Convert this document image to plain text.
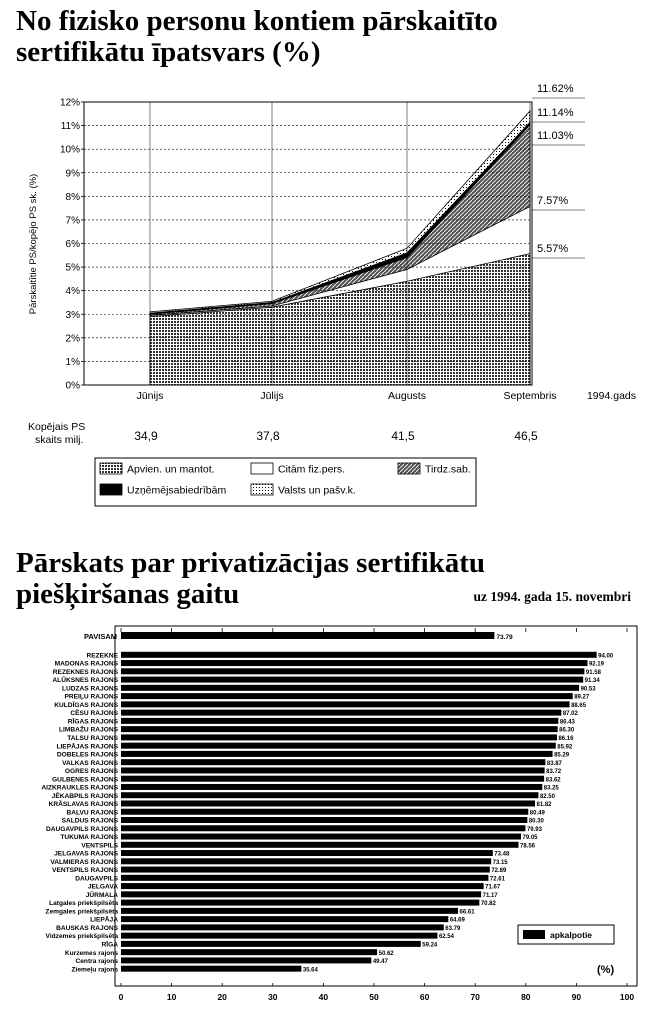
No fizisko personu kontiem pārskaitīto sertifikātu īpatsvars (%)
Pārskats par privatizācijas sertifikātu piešķiršanas gaitu	uz 1994. gada 15. novembri
0%
1%
2%
3%
4%
5%
6%
7%
8%
9%
10%
11%
12%
Jūnijs	Jūlijs	Augusts	Septembris	1994.gads
Pārskaitītie PS/kopējo PS sk. (%)
11.62%
11.14%
11.03%
7.57%
5.57%
Kopējais PS
skaits milj.	34,9	37,8	41,5	46,5
Apvien. un mantot.	Citām fiz.pers.	Tirdz.sab.
Uzņēmējsabiedrībām	Valsts un pašv.k.
0	10	20	30	40	50	60	70	80	90	100
PAVISAM	73.79
REZEKNE	94.00
MADONAS RAJONS	92.19
REZEKNES RAJONS	91.58
ALŪKSNES RAJONS	91.34
LUDZAS RAJONS	90.53
PREIĻU RAJONS	89.27
KULDĪGAS RAJONS	88.65
CĒSU RAJONS	87.02
RĪGAS RAJONS	86.43
LIMBAŽU RAJONS	86.30
TALSU RAJONS	86.16
LIEPĀJAS RAJONS	85.92
DOBELES RAJONS	85.29
VALKAS RAJONS	83.87
OGRES RAJONS	83.72
GULBENES RAJONS	83.62
AIZKRAUKLES RAJONS	83.25
JĒKABPILS RAJONS	82.50
KRĀSLAVAS RAJONS	81.82
BALVU RAJONS	80.49
SALDUS RAJONS	80.30
DAUGAVPILS RAJONS	79.93
TUKUMA RAJONS	79.05
VENTSPILS	78.56
JELGAVAS RAJONS	73.48
VALMIERAS RAJONS	73.15
VENTSPILS RAJONS	72.89
DAUGAVPILS	72.61
JELGAVA	71.67
JŪRMALA	71.17
Latgales priekšpilsēta	70.82
Zemgales priekšpilsēta	66.61
LIEPĀJA	64.69
BAUSKAS RAJONS	63.79
Vidzemes priekšpilsēta	62.54
RĪGA	59.24
Kurzemes rajons	50.62
Centra rajons	49.47
Ziemeļu rajons	35.64
apkalpotie
(%)
